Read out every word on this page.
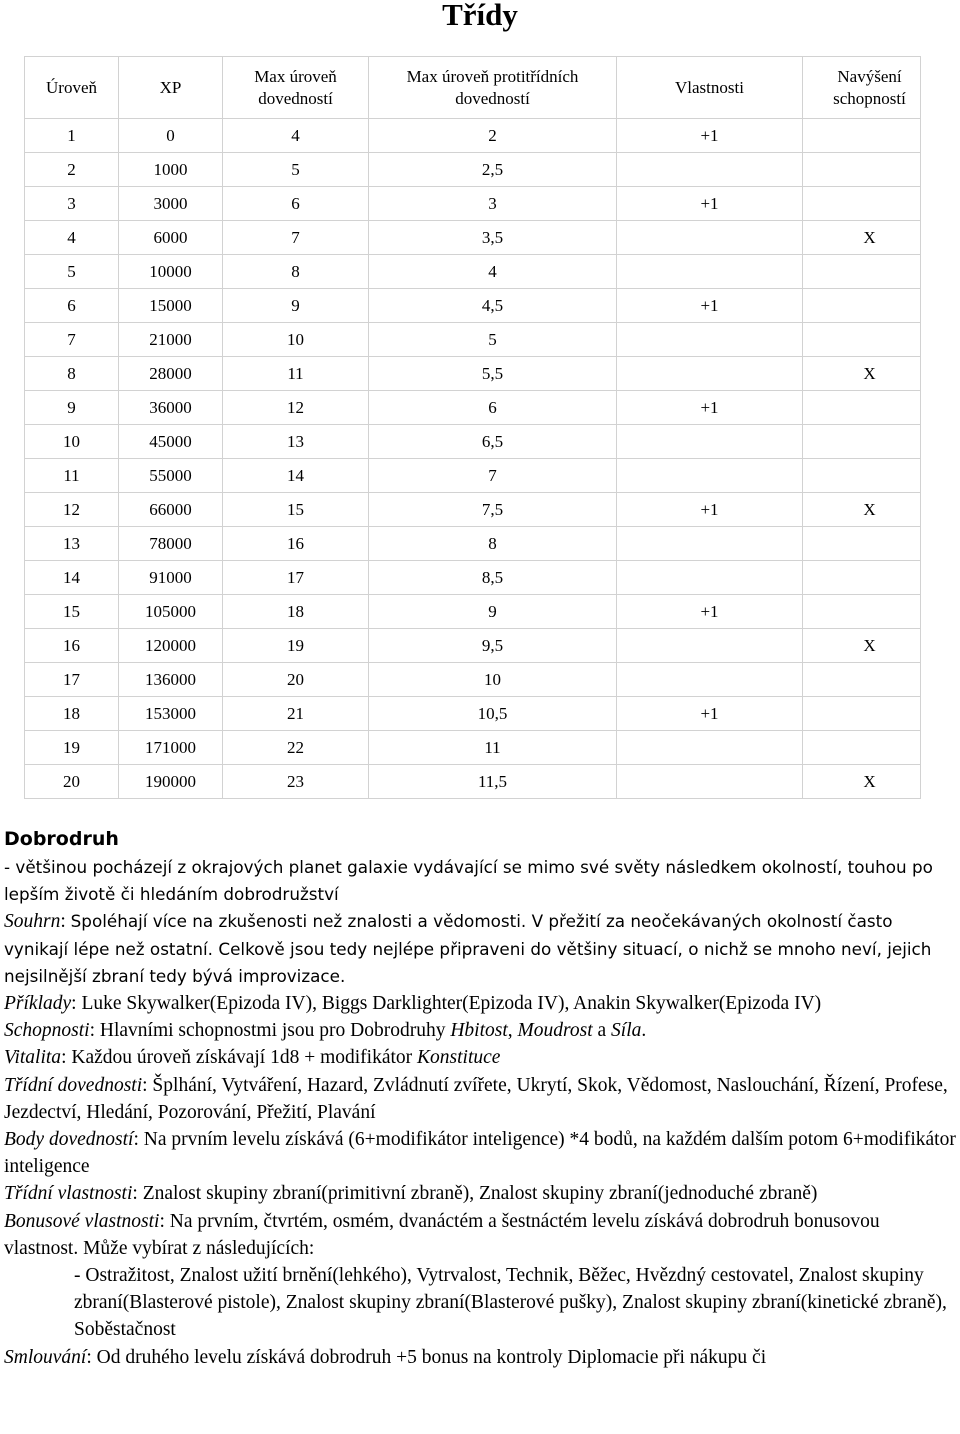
Třídy
Úroveň	XP	Max úroveň dovedností	Max úroveň protitřídních dovedností	Vlastnosti	Navýšení schopností
1	0	4	2	+1	
2	1000	5	2,5		
3	3000	6	3	+1	
4	6000	7	3,5		X
5	10000	8	4		
6	15000	9	4,5	+1	
7	21000	10	5		
8	28000	11	5,5		X
9	36000	12	6	+1	
10	45000	13	6,5		
11	55000	14	7		
12	66000	15	7,5	+1	X
13	78000	16	8		
14	91000	17	8,5		
15	105000	18	9	+1	
16	120000	19	9,5		X
17	136000	20	10		
18	153000	21	10,5	+1	
19	171000	22	11		
20	190000	23	11,5		X

Dobrodruh

- většinou pocházejí z okrajových planet galaxie vydávající se mimo své světy následkem okolností, touhou po lepším životě či hledáním dobrodružství

Souhrn: Spoléhají více na zkušenosti než znalosti a vědomosti. V přežití za neočekávaných okolností často vynikají lépe než ostatní. Celkově jsou tedy nejlépe připraveni do většiny situací, o nichž se mnoho neví, jejich nejsilnější zbraní tedy bývá improvizace.

Příklady: Luke Skywalker(Epizoda IV), Biggs Darklighter(Epizoda IV), Anakin Skywalker(Epizoda IV)

Schopnosti: Hlavními schopnostmi jsou pro Dobrodruhy Hbitost, Moudrost a Síla.

Vitalita: Každou úroveň získávají 1d8 + modifikátor Konstituce

Třídní dovednosti: Šplhání, Vytváření, Hazard, Zvládnutí zvířete, Ukrytí, Skok, Vědomost, Naslouchání, Řízení, Profese, Jezdectví, Hledání, Pozorování, Přežití, Plavání

Body dovedností: Na prvním levelu získává (6+modifikátor inteligence) *4 bodů, na každém dalším potom 6+modifikátor inteligence

Třídní vlastnosti: Znalost skupiny zbraní(primitivní zbraně), Znalost skupiny zbraní(jednoduché zbraně)

Bonusové vlastnosti: Na prvním, čtvrtém, osmém, dvanáctém a šestnáctém levelu získává dobrodruh bonusovou vlastnost. Může vybírat z následujících:

- Ostražitost, Znalost užití brnění(lehkého), Vytrvalost, Technik, Běžec, Hvězdný cestovatel, Znalost skupiny zbraní(Blasterové pistole), Znalost skupiny zbraní(Blasterové pušky), Znalost skupiny zbraní(kinetické zbraně), Soběstačnost

Smlouvání: Od druhého levelu získává dobrodruh +5 bonus na kontroly Diplomacie při nákupu či
